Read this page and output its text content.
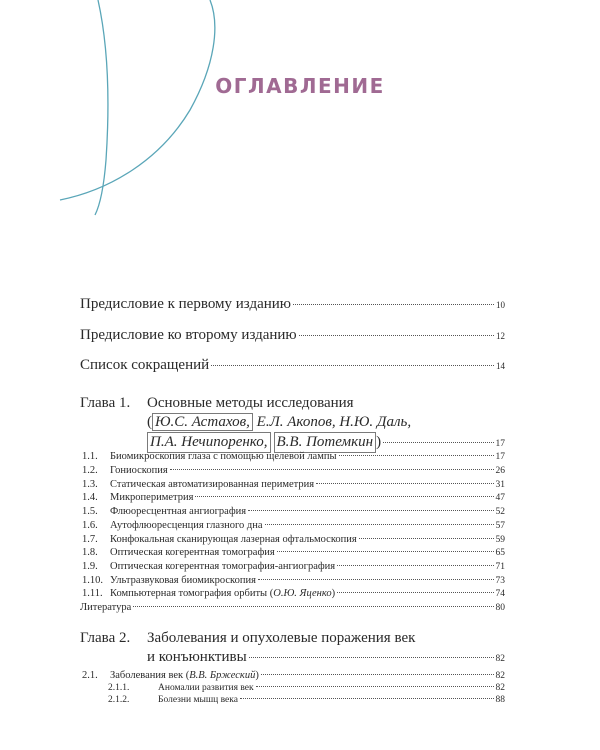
ОГЛАВЛЕНИЕ
Предисловие к первому изданию	10
Предисловие ко второму изданию	12
Список сокращений	14
Глава 1. Основные методы исследования
( Ю.С. Астахов, Е.Л. Акопов, Н.Ю. Даль,
П.А. Нечипоренко, В.В. Потемкин )	17
1.1.	Биомикроскопия глаза с помощью щелевой лампы	17
1.2.	Гониоскопия	26
1.3.	Статическая автоматизированная периметрия	31
1.4.	Микропериметрия	47
1.5.	Флюоресцентная ангиография	52
1.6.	Аутофлюоресценция глазного дна	57
1.7.	Конфокальная сканирующая лазерная офтальмоскопия	59
1.8.	Оптическая когерентная томография	65
1.9.	Оптическая когерентная томография-ангиография	71
1.10. Ультразвуковая биомикроскопия	73
1.11. Компьютерная томография орбиты (О.Ю. Яценко)	74
Литература	80
Глава 2. Заболевания и опухолевые поражения век
и конъюнктивы	82
2.1.	Заболевания век (В.В. Бржеский)	82
2.1.1.	Аномалии развития век	82
2.1.2.	Болезни мышц века	88
